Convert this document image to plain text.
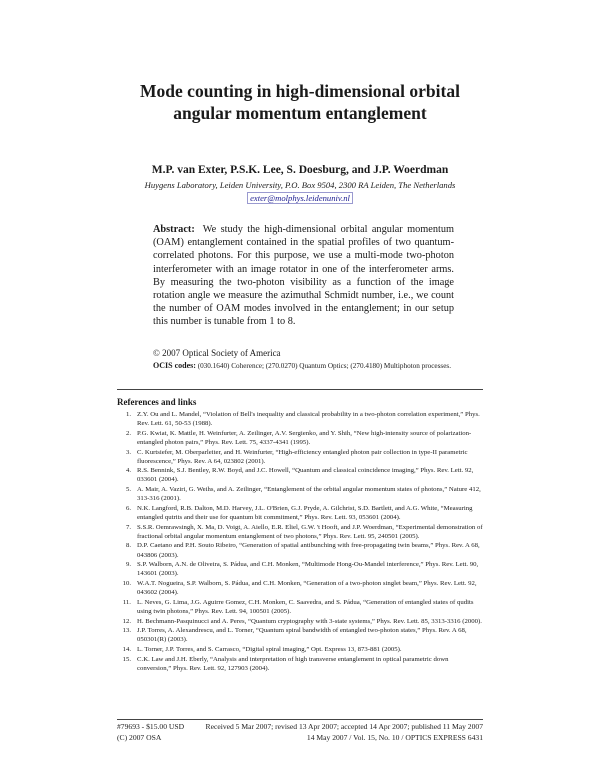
Mode counting in high-dimensional orbital angular momentum entanglement
M.P. van Exter, P.S.K. Lee, S. Doesburg, and J.P. Woerdman
Huygens Laboratory, Leiden University, P.O. Box 9504, 2300 RA Leiden, The Netherlands
exter@molphys.leidenuniv.nl
Abstract: We study the high-dimensional orbital angular momentum (OAM) entanglement contained in the spatial profiles of two quantum-correlated photons. For this purpose, we use a multi-mode two-photon interferometer with an image rotator in one of the interferometer arms. By measuring the two-photon visibility as a function of the image rotation angle we measure the azimuthal Schmidt number, i.e., we count the number of OAM modes involved in the entanglement; in our setup this number is tunable from 1 to 8.
© 2007 Optical Society of America
OCIS codes: (030.1640) Coherence; (270.0270) Quantum Optics; (270.4180) Multiphoton processes.
References and links
1. Z.Y. Ou and L. Mandel, “Violation of Bell's inequality and classical probability in a two-photon correlation experiment,” Phys. Rev. Lett. 61, 50-53 (1988).
2. P.G. Kwiat, K. Mattle, H. Weinfurter, A. Zeilinger, A.V. Sergienko, and Y. Shih, “New high-intensity source of polarization-entangled photon pairs,” Phys. Rev. Lett. 75, 4337-4341 (1995).
3. C. Kurtsiefer, M. Oberparleiter, and H. Weinfurter, “High-efficiency entangled photon pair collection in type-II parametric fluorescence,” Phys. Rev. A 64, 023802 (2001).
4. R.S. Bennink, S.J. Bentley, R.W. Boyd, and J.C. Howell, “Quantum and classical coincidence imaging,” Phys. Rev. Lett. 92, 033601 (2004).
5. A. Mair, A. Vaziri, G. Weihs, and A. Zeilinger, “Entanglement of the orbital angular momentum states of photons,” Nature 412, 313-316 (2001).
6. N.K. Langford, R.B. Dalton, M.D. Harvey, J.L. O'Brien, G.J. Pryde, A. Gilchrist, S.D. Bartlett, and A.G. White, “Measuring entangled qutrits and their use for quantum bit commitment,” Phys. Rev. Lett. 93, 053601 (2004).
7. S.S.R. Oemrawsingh, X. Ma, D. Voigt, A. Aiello, E.R. Eliel, G.W. 't Hooft, and J.P. Woerdman, “Experimental demonstration of fractional orbital angular momentum entanglement of two photons,” Phys. Rev. Lett. 95, 240501 (2005).
8. D.P. Caetano and P.H. Souto Ribeiro, “Generation of spatial antibunching with free-propagating twin beams,” Phys. Rev. A 68, 043806 (2003).
9. S.P. Walborn, A.N. de Oliveira, S. Pádua, and C.H. Monken, “Multimode Hong-Ou-Mandel interference,” Phys. Rev. Lett. 90, 143601 (2003).
10. W.A.T. Nogueira, S.P. Walborn, S. Pádua, and C.H. Monken, “Generation of a two-photon singlet beam,” Phys. Rev. Lett. 92, 043602 (2004).
11. L. Neves, G. Lima, J.G. Aguirre Gomez, C.H. Monken, C. Saavedra, and S. Pádua, “Generation of entangled states of qudits using twin photons,” Phys. Rev. Lett. 94, 100501 (2005).
12. H. Bechmann-Pasquinucci and A. Peres, “Quantum cryptography with 3-state systems,” Phys. Rev. Lett. 85, 3313-3316 (2000).
13. J.P. Torres, A. Alexandrescu, and L. Torner, “Quantum spiral bandwidth of entangled two-photon states,” Phys. Rev. A 68, 050301(R) (2003).
14. L. Torner, J.P. Torres, and S. Carrasco, “Digital spiral imaging,” Opt. Express 13, 873-881 (2005).
15. C.K. Law and J.H. Eberly, “Analysis and interpretation of high transverse entanglement in optical parametric down conversion,” Phys. Rev. Lett. 92, 127903 (2004).
#79693 - $15.00 USD	Received 5 Mar 2007; revised 13 Apr 2007; accepted 14 Apr 2007; published 11 May 2007
(C) 2007 OSA	14 May 2007 / Vol. 15, No. 10 / OPTICS EXPRESS 6431
